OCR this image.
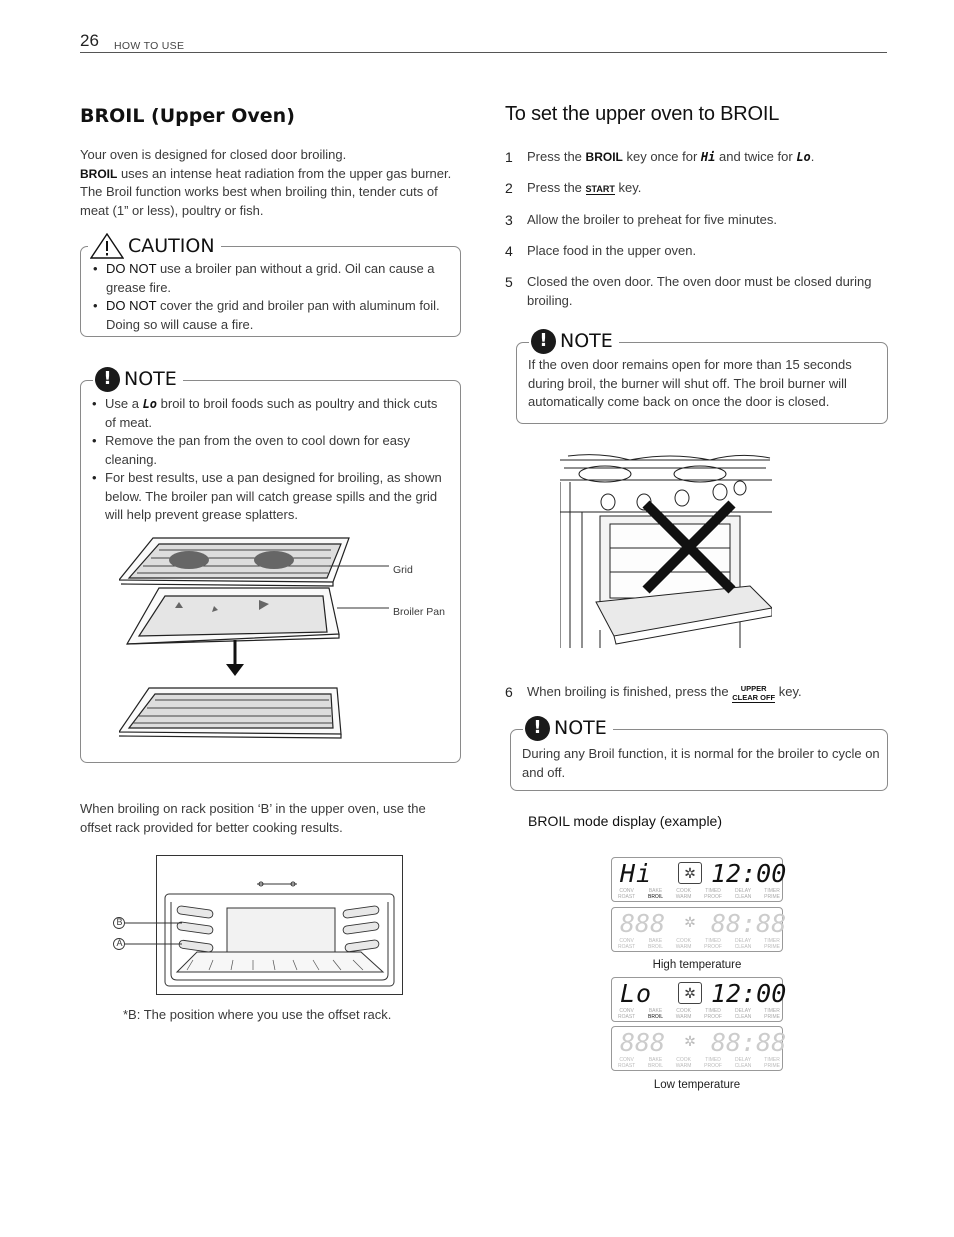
26 HOW TO USE
BROIL (Upper Oven)
Your oven is designed for closed door broiling.
BROIL uses an intense heat radiation from the upper gas burner. The Broil function works best when broiling thin, tender cuts of meat (1” or less), poultry or fish.
CAUTION
• DO NOT use a broiler pan without a grid. Oil can cause a grease fire.
• DO NOT cover the grid and broiler pan with aluminum foil. Doing so will cause a fire.
! NOTE
• Use a Lo broil to broil foods such as poultry and thick cuts of meat.
• Remove the pan from the oven to cool down for easy cleaning.
• For best results, use a pan designed for broiling, as shown below. The broiler pan will catch grease spills and the grid will help prevent grease splatters.
Grid
Broiler Pan
When broiling on rack position ‘B’ in the upper oven, use the offset rack provided for better cooking results.
B
A
*B: The position where you use the offset rack.
To set the upper oven to BROIL
1	Press the BROIL key once for Hi and twice for Lo.
2	Press the START key.
3	Allow the broiler to preheat for five minutes.
4	Place food in the upper oven.
5	Closed the oven door. The oven door must be closed during broiling.
! NOTE
If the oven door remains open for more than 15 seconds during broil, the burner will shut off. The broil burner will automatically come back on once the door is closed.
6	When broiling is finished, press the	UPPER
CLEAR OFF key.
! NOTE
During any Broil function, it is normal for the broiler to cycle on and off.
BROIL mode display (example)
Hi	✲ 12:00
CONV
ROAST
BAKE
BROIL
COOK
WARM
TIMED
PROOF
DELAY
CLEAN
TIMER
PRIME
888	✲ 88:88
CONV
ROAST
BAKE
BROIL
COOK
WARM
TIMED
PROOF
DELAY
CLEAN
TIMER
PRIME
High temperature
Lo	✲ 12:00
CONV
ROAST
BAKE
BROIL
COOK
WARM
TIMED
PROOF
DELAY
CLEAN
TIMER
PRIME
888	✲ 88:88
CONV
ROAST
BAKE
BROIL
COOK
WARM
TIMED
PROOF
DELAY
CLEAN
TIMER
PRIME
Low temperature
